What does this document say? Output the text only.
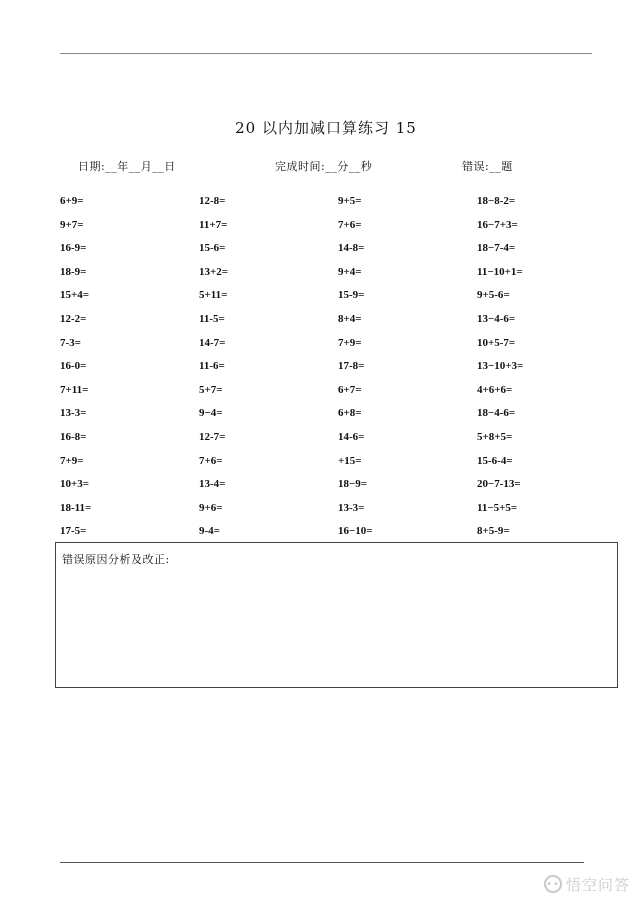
20 以内加减口算练习 15
日期:__年__月__日	完成时间:__分__秒	错误:__题
6+9=	12-8=	9+5=	18−8-2=
9+7=	11+7=	7+6=	16−7+3=
16-9=	15-6=	14-8=	18−7-4=
18-9=	13+2=	9+4=	11−10+1=
15+4=	5+11=	15-9=	9+5-6=
12-2=	11-5=	8+4=	13−4-6=
7-3=	14-7=	7+9=	10+5-7=
16-0=	11-6=	17-8=	13−10+3=
7+11=	5+7=	6+7=	4+6+6=
13-3=	9−4=	6+8=	18−4-6=
16-8=	12-7=	14-6=	5+8+5=
7+9=	7+6=	+15=	15-6-4=
10+3=	13-4=	18−9=	20−7-13=
18-11=	9+6=	13-3=	11−5+5=
17-5=	9-4=	16−10=	8+5-9=
错误原因分析及改正:
•• 悟空问答
